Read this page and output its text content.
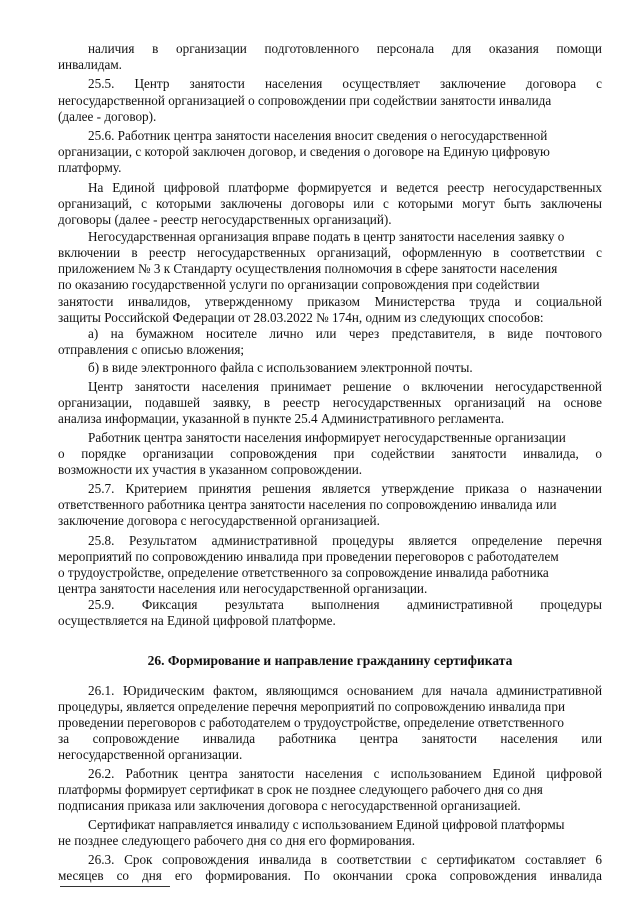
наличия в организации подготовленного персонала для оказания помощи
инвалидам.
25.5. Центр занятости населения осуществляет заключение договора с
негосударственной организацией о сопровождении при содействии занятости инвалида
(далее - договор).
25.6. Работник центра занятости населения вносит сведения о негосударственной
организации, с которой заключен договор, и сведения о договоре на Единую цифровую
платформу.
На Единой цифровой платформе формируется и ведется реестр негосударственных
организаций, с которыми заключены договоры или с которыми могут быть заключены
договоры (далее - реестр негосударственных организаций).
Негосударственная организация вправе подать в центр занятости населения заявку о
включении в реестр негосударственных организаций, оформленную в соответствии с
приложением № 3 к Стандарту осуществления полномочия в сфере занятости населения
по оказанию государственной услуги по организации сопровождения при содействии
занятости инвалидов, утвержденному приказом Министерства труда и социальной
защиты Российской Федерации от 28.03.2022 № 174н, одним из следующих способов:
а) на бумажном носителе лично или через представителя, в виде почтового
отправления с описью вложения;
б) в виде электронного файла с использованием электронной почты.
Центр занятости населения принимает решение о включении негосударственной
организации, подавшей заявку, в реестр негосударственных организаций на основе
анализа информации, указанной в пункте 25.4 Административного регламента.
Работник центра занятости населения информирует негосударственные организации
о порядке организации сопровождения при содействии занятости инвалида, о
возможности их участия в указанном сопровождении.
25.7. Критерием принятия решения является утверждение приказа о назначении
ответственного работника центра занятости населения по сопровождению инвалида или
заключение договора с негосударственной организацией.
25.8. Результатом административной процедуры является определение перечня
мероприятий по сопровождению инвалида при проведении переговоров с работодателем
о трудоустройстве, определение ответственного за сопровождение инвалида работника
центра занятости населения или негосударственной организации.
25.9. Фиксация результата выполнения административной процедуры
осуществляется на Единой цифровой платформе.
26. Формирование и направление гражданину сертификата
26.1. Юридическим фактом, являющимся основанием для начала административной
процедуры, является определение перечня мероприятий по сопровождению инвалида при
проведении переговоров с работодателем о трудоустройстве, определение ответственного
за сопровождение инвалида работника центра занятости населения или
негосударственной организации.
26.2. Работник центра занятости населения с использованием Единой цифровой
платформы формирует сертификат в срок не позднее следующего рабочего дня со дня
подписания приказа или заключения договора с негосударственной организацией.
Сертификат направляется инвалиду с использованием Единой цифровой платформы
не позднее следующего рабочего дня со дня его формирования.
26.3. Срок сопровождения инвалида в соответствии с сертификатом составляет 6
месяцев со дня его формирования. По окончании срока сопровождения инвалида
